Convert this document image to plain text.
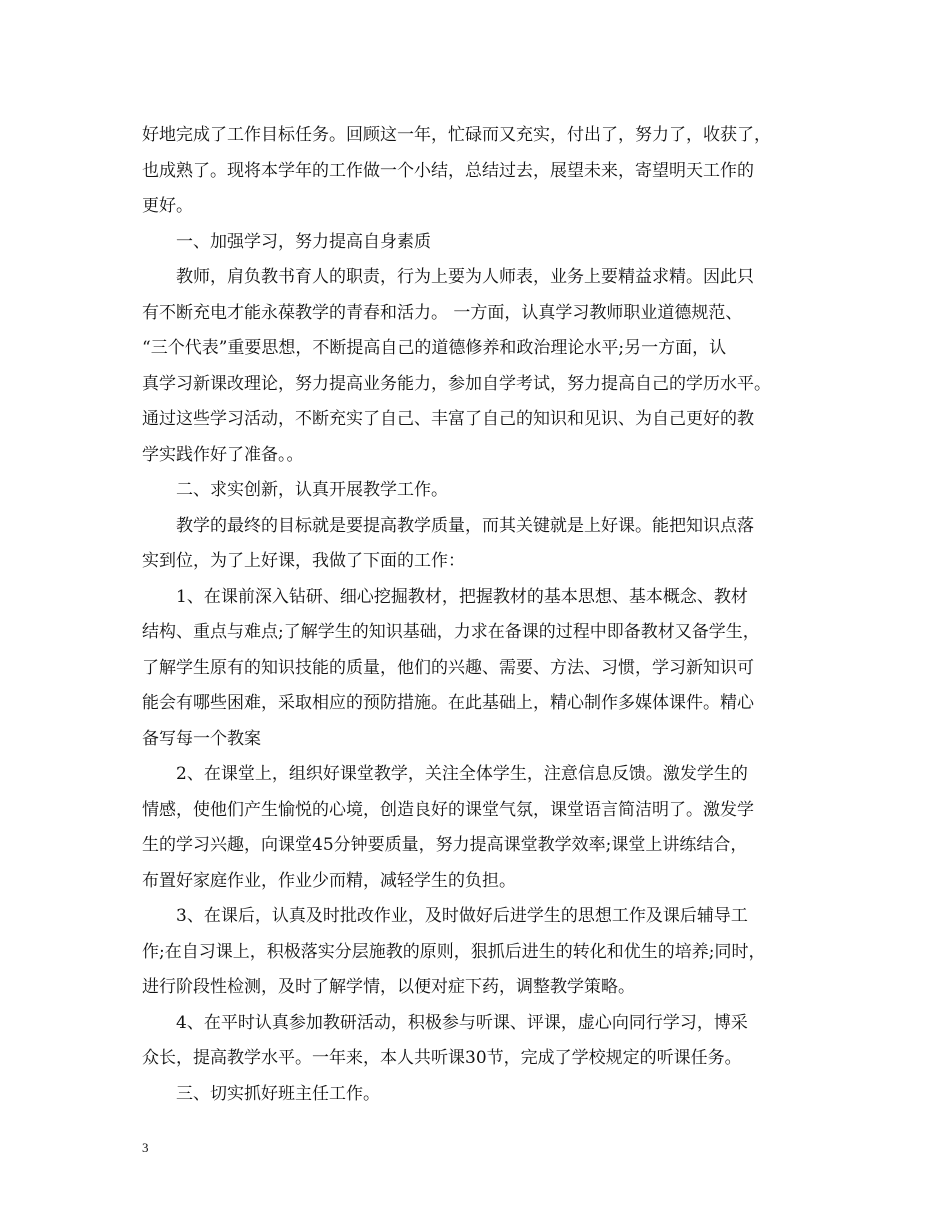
好地完成了工作目标任务。回顾这一年，忙碌而又充实，付出了，努力了，收获了，
也成熟了。现将本学年的工作做一个小结，总结过去，展望未来，寄望明天工作的
更好。
一、加强学习，努力提高自身素质
教师，肩负教书育人的职责，行为上要为人师表，业务上要精益求精。因此只
有不断充电才能永葆教学的青春和活力。 一方面，认真学习教师职业道德规范、
“三个代表”重要思想，不断提高自己的道德修养和政治理论水平;另一方面，认
真学习新课改理论，努力提高业务能力，参加自学考试，努力提高自己的学历水平。
通过这些学习活动，不断充实了自己、丰富了自己的知识和见识、为自己更好的教
学实践作好了准备。。
二、求实创新，认真开展教学工作。
教学的最终的目标就是要提高教学质量，而其关键就是上好课。能把知识点落
实到位，为了上好课，我做了下面的工作：
1、在课前深入钻研、细心挖掘教材，把握教材的基本思想、基本概念、教材
结构、重点与难点;了解学生的知识基础，力求在备课的过程中即备教材又备学生，
了解学生原有的知识技能的质量，他们的兴趣、需要、方法、习惯，学习新知识可
能会有哪些困难，采取相应的预防措施。在此基础上，精心制作多媒体课件。精心
备写每一个教案
2、在课堂上，组织好课堂教学，关注全体学生，注意信息反馈。激发学生的
情感，使他们产生愉悦的心境，创造良好的课堂气氛，课堂语言简洁明了。激发学
生的学习兴趣，向课堂45分钟要质量，努力提高课堂教学效率;课堂上讲练结合，
布置好家庭作业，作业少而精，减轻学生的负担。
3、在课后，认真及时批改作业，及时做好后进学生的思想工作及课后辅导工
作;在自习课上，积极落实分层施教的原则，狠抓后进生的转化和优生的培养;同时，
进行阶段性检测，及时了解学情，以便对症下药，调整教学策略。
4、在平时认真参加教研活动，积极参与听课、评课，虚心向同行学习，博采
众长，提高教学水平。一年来，本人共听课30节，完成了学校规定的听课任务。
三、切实抓好班主任工作。
3
